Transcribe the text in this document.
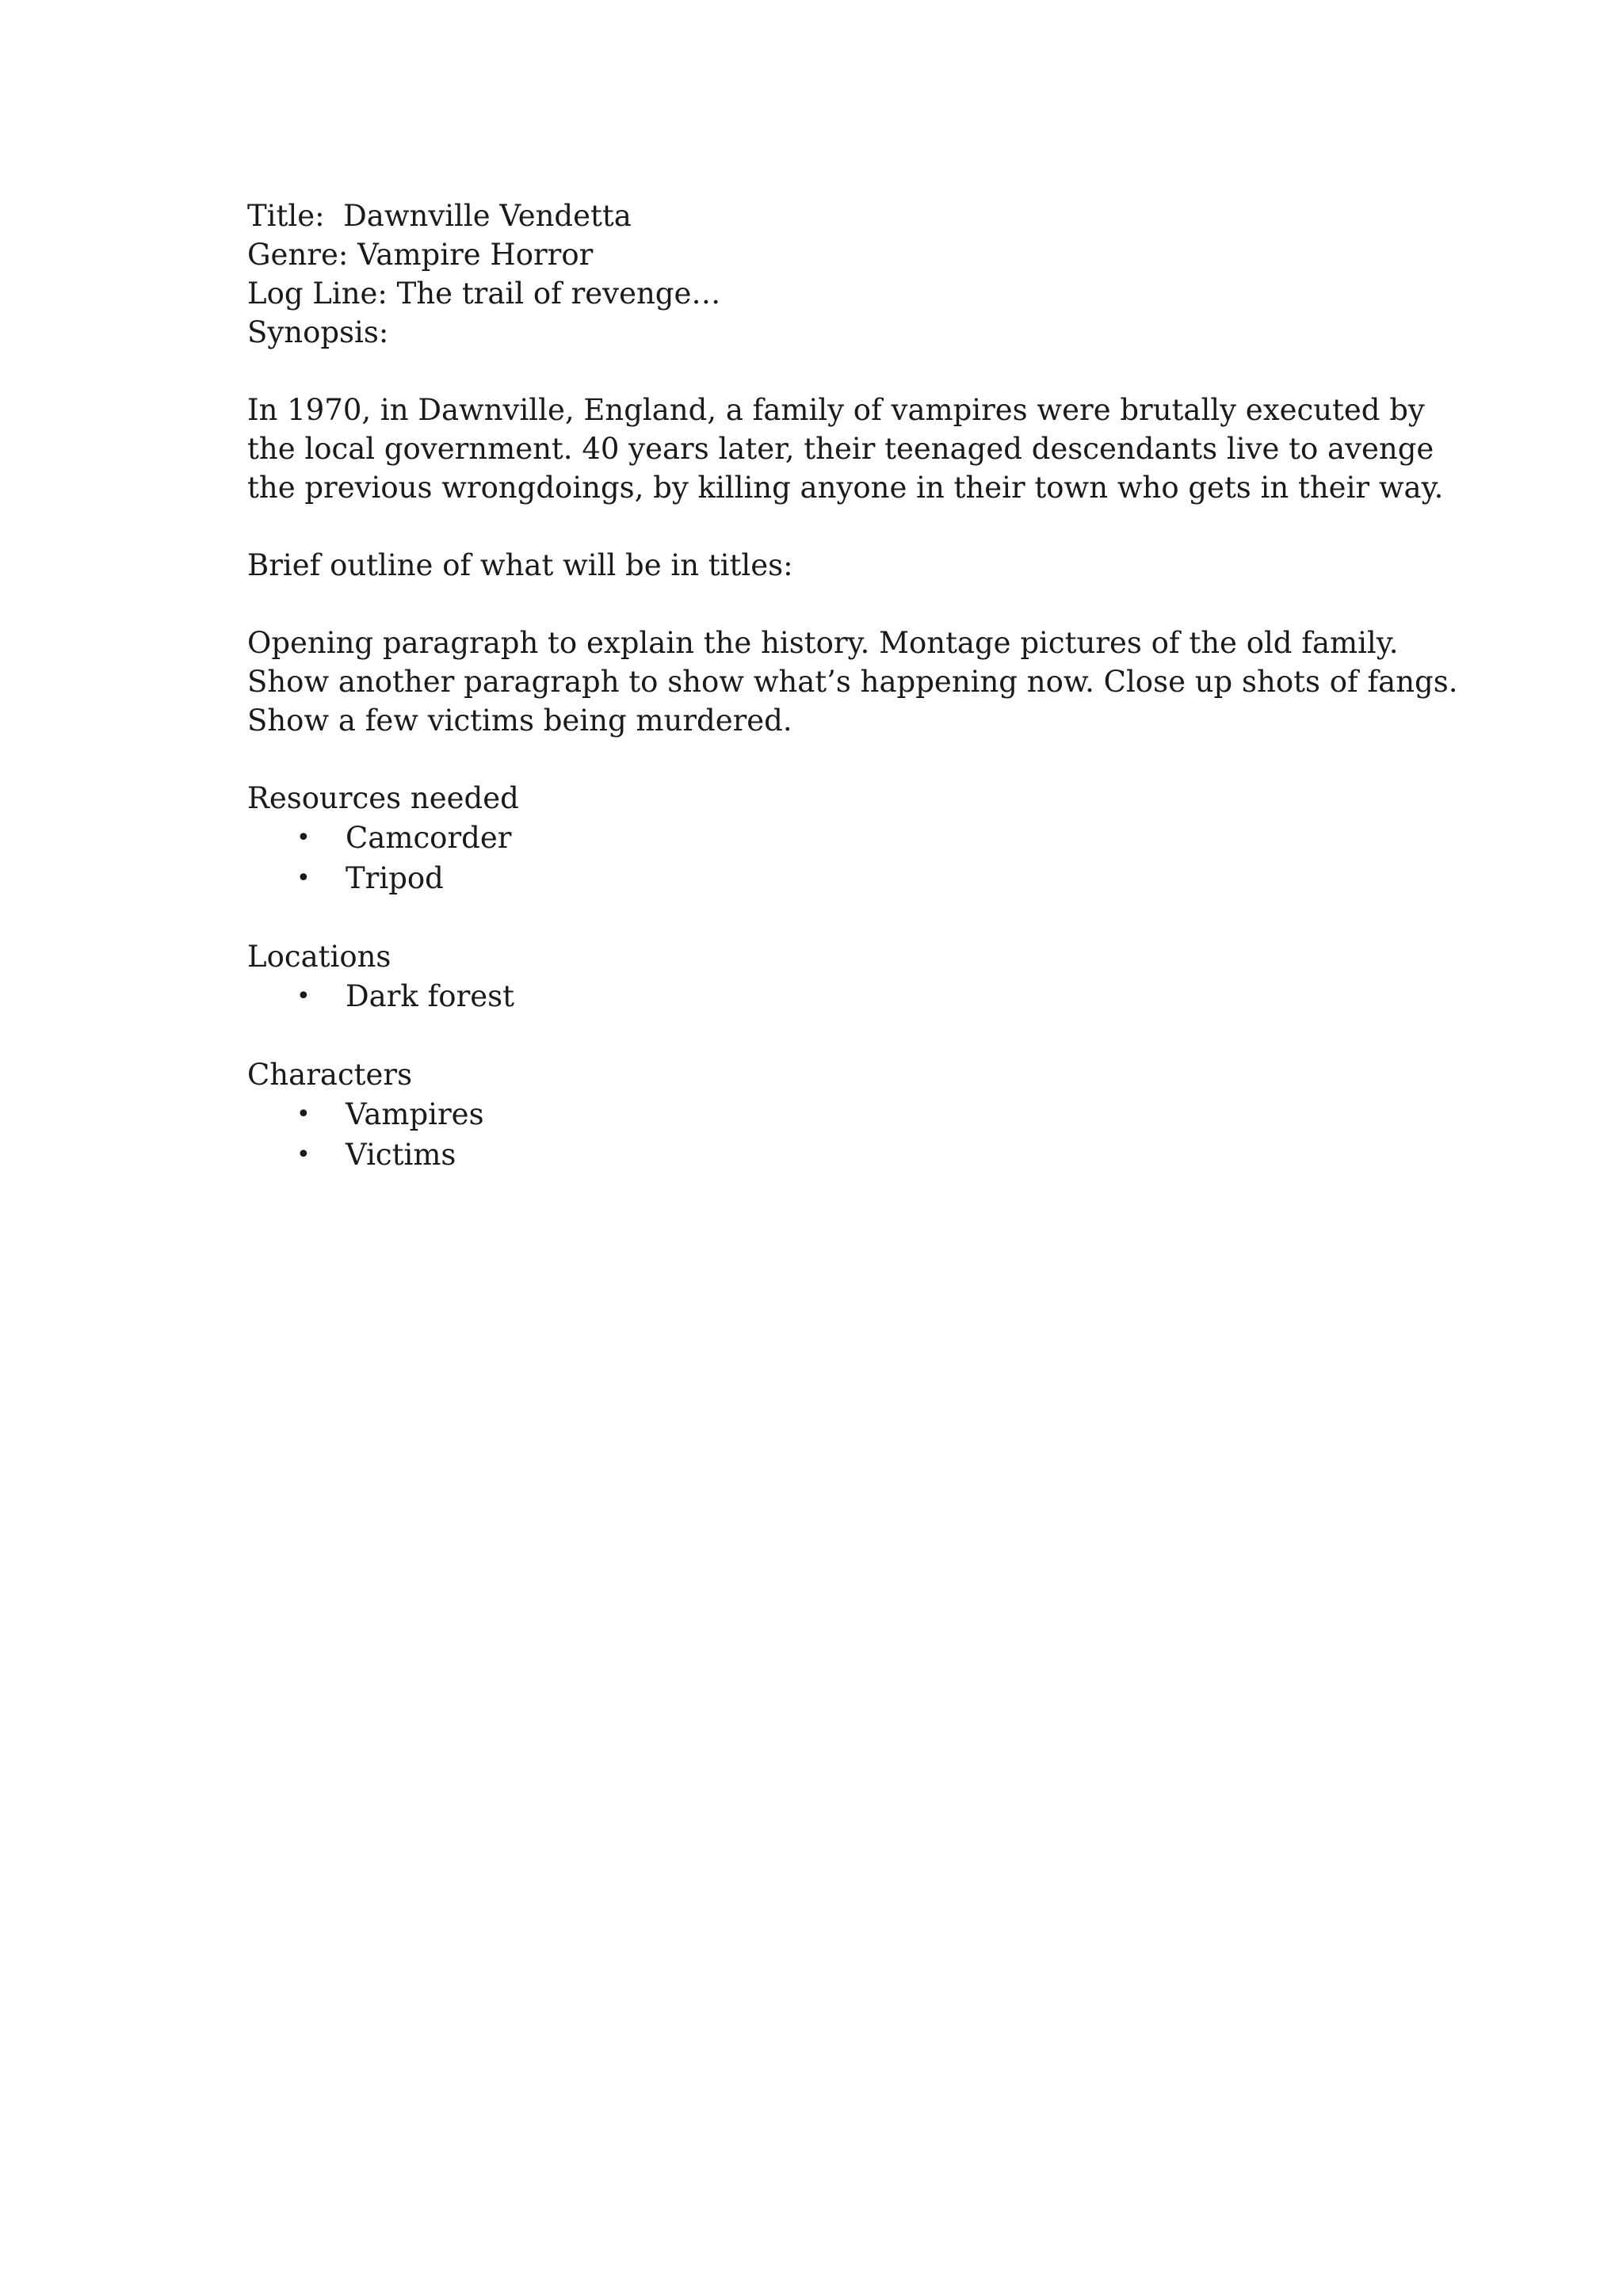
Title:  Dawnville Vendetta
Genre: Vampire Horror
Log Line: The trail of revenge…
Synopsis:
In 1970, in Dawnville, England, a family of vampires were brutally executed by
the local government. 40 years later, their teenaged descendants live to avenge
the previous wrongdoings, by killing anyone in their town who gets in their way.
Brief outline of what will be in titles:
Opening paragraph to explain the history. Montage pictures of the old family.
Show another paragraph to show what’s happening now. Close up shots of fangs.
Show a few victims being murdered.
Resources needed
• Camcorder
• Tripod
Locations
• Dark forest
Characters
• Vampires
• Victims
